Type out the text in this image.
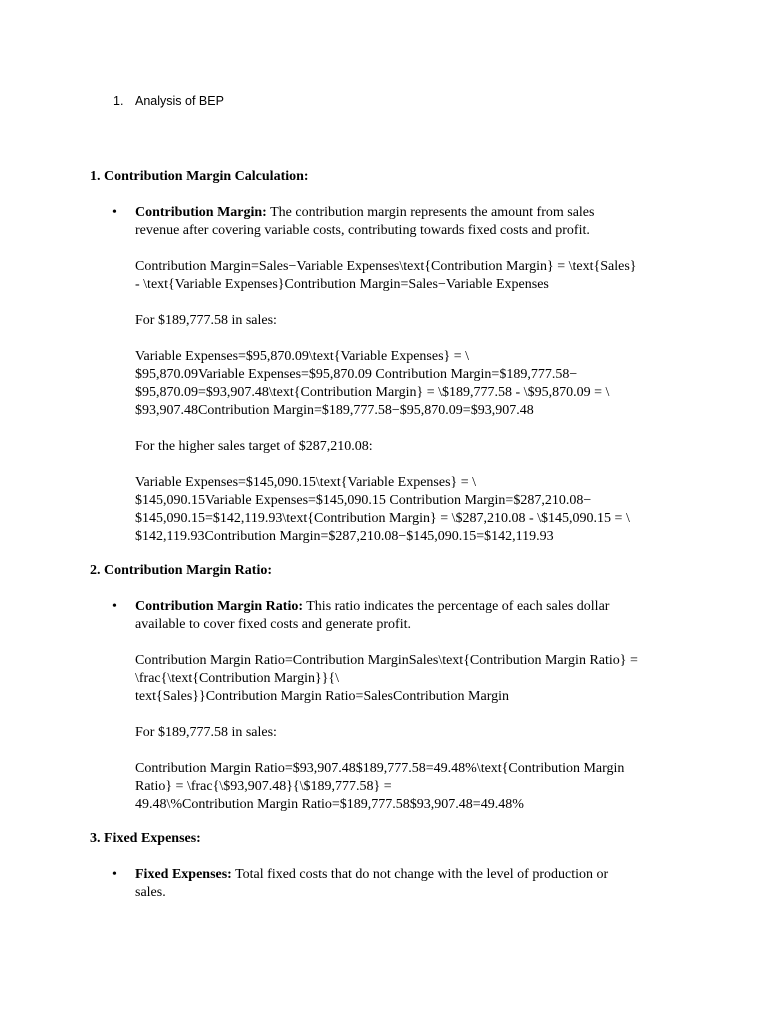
1. Analysis of BEP

1. Contribution Margin Calculation:

• Contribution Margin: The contribution margin represents the amount from sales
revenue after covering variable costs, contributing towards fixed costs and profit.
Contribution Margin=Sales−Variable Expenses\text{Contribution Margin} = \text{Sales}
- \text{Variable Expenses}Contribution Margin=Sales−Variable Expenses
For $189,777.58 in sales:
Variable Expenses=$95,870.09\text{Variable Expenses} = \
$95,870.09Variable Expenses=$95,870.09 Contribution Margin=$189,777.58−
$95,870.09=$93,907.48\text{Contribution Margin} = \$189,777.58 - \$95,870.09 = \
$93,907.48Contribution Margin=$189,777.58−$95,870.09=$93,907.48
For the higher sales target of $287,210.08:
Variable Expenses=$145,090.15\text{Variable Expenses} = \
$145,090.15Variable Expenses=$145,090.15 Contribution Margin=$287,210.08−
$145,090.15=$142,119.93\text{Contribution Margin} = \$287,210.08 - \$145,090.15 = \
$142,119.93Contribution Margin=$287,210.08−$145,090.15=$142,119.93

2. Contribution Margin Ratio:

• Contribution Margin Ratio: This ratio indicates the percentage of each sales dollar
available to cover fixed costs and generate profit.
Contribution Margin Ratio=Contribution MarginSales\text{Contribution Margin Ratio} =
\frac{\text{Contribution Margin}}{\
text{Sales}}Contribution Margin Ratio=SalesContribution Margin
For $189,777.58 in sales:
Contribution Margin Ratio=$93,907.48$189,777.58=49.48%\text{Contribution Margin
Ratio} = \frac{\$93,907.48}{\$189,777.58} =
49.48\%Contribution Margin Ratio=$189,777.58$93,907.48=49.48%

3. Fixed Expenses:

• Fixed Expenses: Total fixed costs that do not change with the level of production or
sales.
